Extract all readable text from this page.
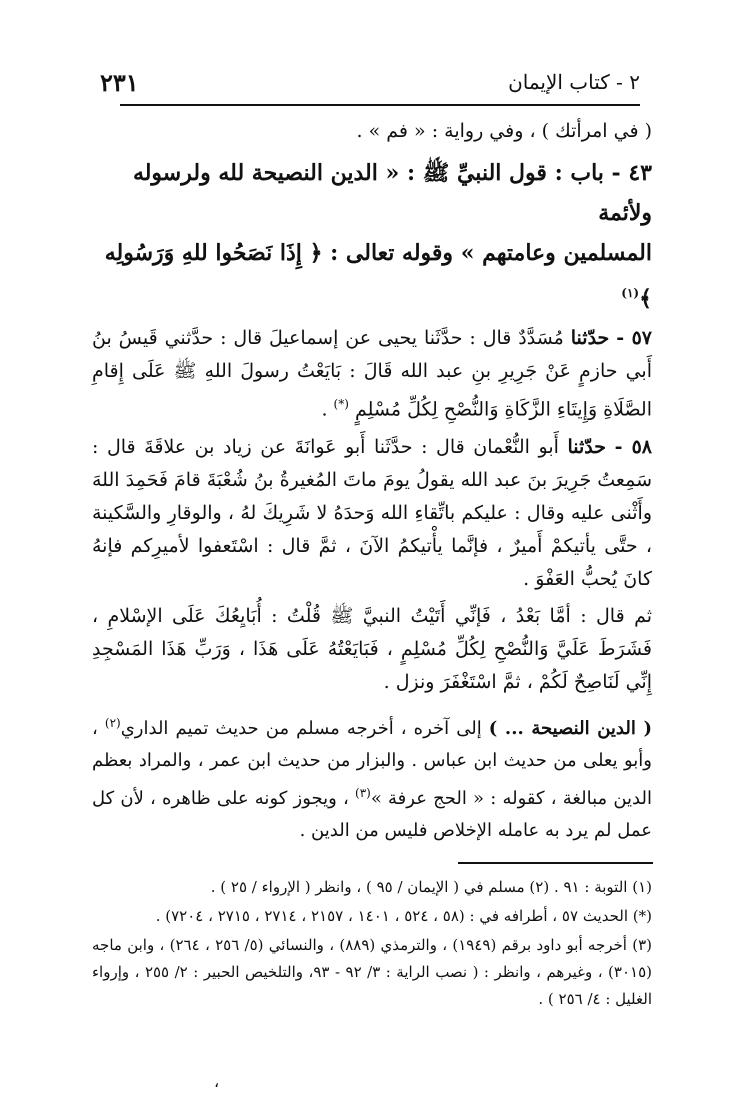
٢ - كتاب الإيمان
٢٣١
( في امرأتك ) ، وفي رواية : « فم » .
٤٣ - باب : قول النبيِّ ﷺ : « الدين النصيحة لله ولرسوله ولأئمة
المسلمين وعامتهم » وقوله تعالى : ﴿ إِذَا نَصَحُوا للهِ وَرَسُولِه ﴾$^{(١)}$
٥٧ - حدّثنا مُسَدَّدٌ قال : حدَّثَنا يحيى عن إسماعيلَ قال : حدَّثني قَيسُ بنُ أَبي حازمٍ عَنْ جَرِيرِ بنِ عبد الله قَالَ : بَايَعْتُ رسولَ اللهِ ﷺ عَلَى إِقامِ الصَّلَاةِ وَإِيتَاءِ الزَّكَاةِ وَالنُّصْحِ لِكُلِّ مُسْلِمٍ (*) .
٥٨ - حدّثنا أَبو النُّعْمان قال : حدَّثَنا أَبو عَوانَةَ عن زياد بن علاقَةَ قال : سَمِعتُ جَرِيرَ بنَ عبد الله يقولُ يومَ ماتَ المُغيرةُ بنُ شُعْبَةَ قامَ فَحَمِدَ اللهَ وأَثْنى عليه وقال : عليكم باتِّقاءِ الله وَحدَهُ لا شَرِيكَ لهُ ، والوقارِ والسَّكينة ، حتَّى يأتيكمْ أَميرٌ ، فإنَّما يأْتيكمُ الآنَ ، ثمَّ قال : اسْتَعفوا لأميرِكم فإنهُ كانَ يُحبُّ العَفْوَ .
ثم قال : أمَّا بَعْدُ ، فَإنِّي أَتَيْتُ النبيَّ ﷺ قُلْتُ : أُبَايِعُكَ عَلَى الإسْلامِ ، فَشَرَطَ عَلَيَّ وَالنُّصْحِ لِكُلِّ مُسْلِمٍ ، فَبَايَعْتُهُ عَلَى هَذَا ، وَرَبِّ هَذَا المَسْجِدِ إِنِّي لَنَاصِحٌ لَكُمْ ، ثمَّ اسْتَغْفَرَ ونزل .
( الدين النصيحة ... ) إلى آخره ، أخرجه مسلم من حديث تميم الداري$^{(٢)}$ ، وأبو يعلى من حديث ابن عباس . والبزار من حديث ابن عمر ، والمراد بعظم الدين مبالغة ، كقوله : « الحج عرفة »$^{(٣)}$ ، ويجوز كونه على ظاهره ، لأن كل عمل لم يرد به عامله الإخلاص فليس من الدين .
(١) التوبة : ٩١ . (٢) مسلم في ( الإيمان / ٩٥ ) ، وانظر ( الإرواء / ٢٥ ) .
(*) الحديث ٥٧ ، أطرافه في : (٥٨ ، ٥٢٤ ، ١٤٠١ ، ٢١٥٧ ، ٢٧١٤ ، ٢٧١٥ ، ٧٢٠٤) .
(٣) أخرجه أبو داود برقم (١٩٤٩) ، والترمذي (٨٨٩) ، والنسائي (٥/ ٢٥٦ ، ٢٦٤) ، وابن ماجه (٣٠١٥) ، وغيرهم ، وانظر : ( نصب الراية : ٣/ ٩٢ - ٩٣، والتلخيص الحبير : ٢/ ٢٥٥ ، وإرواء الغليل : ٤/ ٢٥٦ ) .
،
